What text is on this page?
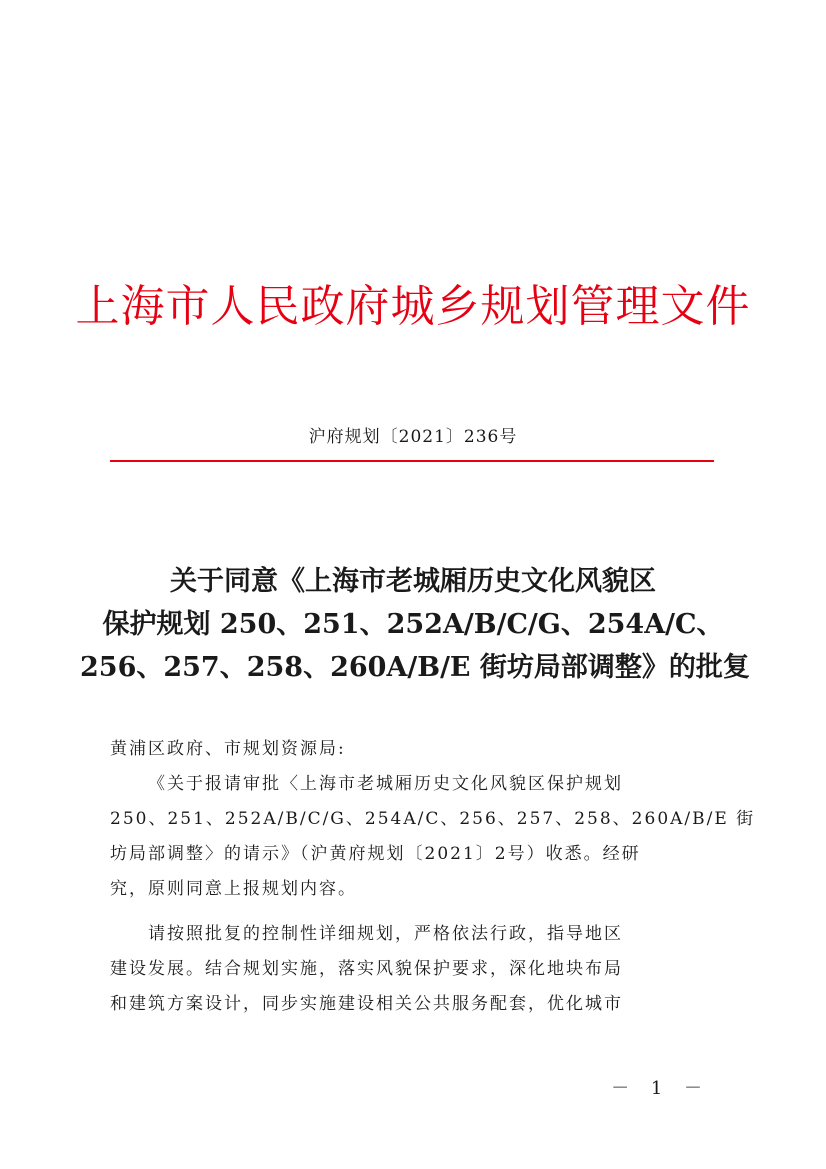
上海市人民政府城乡规划管理文件
沪府规划〔2021〕236号
关于同意《上海市老城厢历史文化风貌区
保护规划 250、251、252A/B/C/G、254A/C、
256、257、258、260A/B/E 街坊局部调整》的批复
黄浦区政府、市规划资源局:
《关于报请审批〈上海市老城厢历史文化风貌区保护规划
250、251、252A/B/C/G、254A/C、256、257、258、260A/B/E 街
坊局部调整〉的请示》（沪黄府规划〔2021〕2号）收悉。经研
究，原则同意上报规划内容。
请按照批复的控制性详细规划，严格依法行政，指导地区
建设发展。结合规划实施，落实风貌保护要求，深化地块布局
和建筑方案设计，同步实施建设相关公共服务配套，优化城市
－ 1 －
